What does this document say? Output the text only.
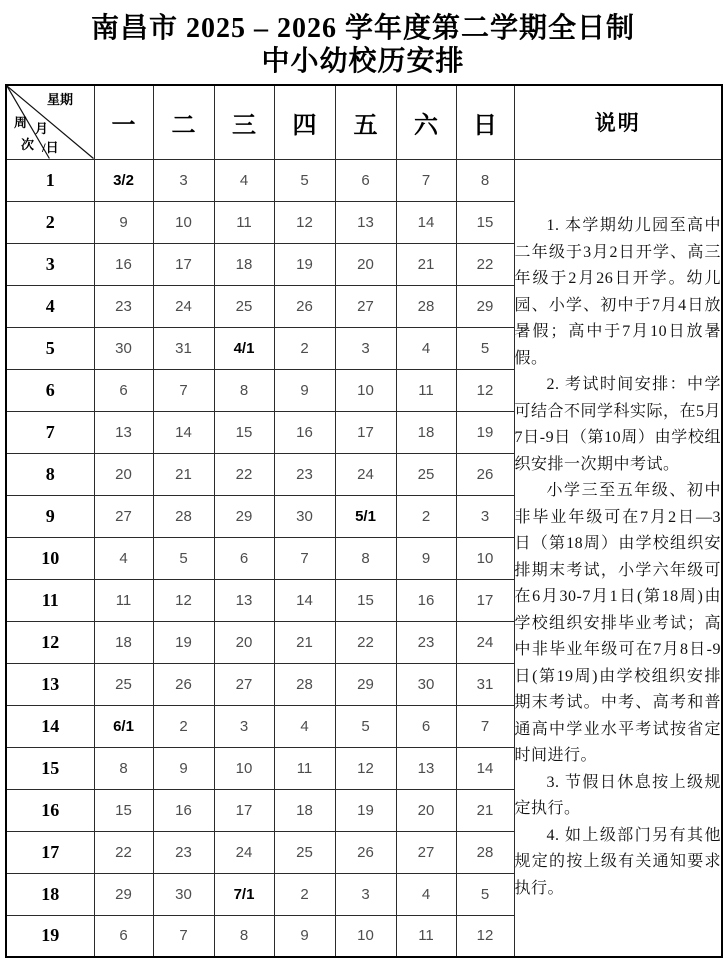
南昌市 2025 – 2026 学年度第二学期全日制
中小幼校历安排
星期
周 月
次 /日	一	二	三	四	五	六	日	说明
1	3/2	3	4	5	6	7	8	1. 本学期幼儿园至高中二年级于3月2日开学、高三年级于2月26日开学。幼儿园、小学、初中于7月4日放暑假；高中于7月10日放暑假。

2. 考试时间安排：中学可结合不同学科实际，在5月7日-9日（第10周）由学校组织安排一次期中考试。

小学三至五年级、初中非毕业年级可在7月2日—3日（第18周）由学校组织安排期末考试，小学六年级可在6月30-7月1日(第18周)由学校组织安排毕业考试；高中非毕业年级可在7月8日-9日(第19周)由学校组织安排期末考试。中考、高考和普通高中学业水平考试按省定时间进行。

3. 节假日休息按上级规定执行。

4. 如上级部门另有其他规定的按上级有关通知要求执行。

2	9	10	11	12	13	14	15	
3	16	17	18	19	20	21	22	
4	23	24	25	26	27	28	29	
5	30	31	4/1	2	3	4	5	
6	6	7	8	9	10	11	12	
7	13	14	15	16	17	18	19	
8	20	21	22	23	24	25	26	
9	27	28	29	30	5/1	2	3	
10	4	5	6	7	8	9	10	
11	11	12	13	14	15	16	17	
12	18	19	20	21	22	23	24	
13	25	26	27	28	29	30	31	
14	6/1	2	3	4	5	6	7	
15	8	9	10	11	12	13	14	
16	15	16	17	18	19	20	21	
17	22	23	24	25	26	27	28	
18	29	30	7/1	2	3	4	5	
19	6	7	8	9	10	11	12	
